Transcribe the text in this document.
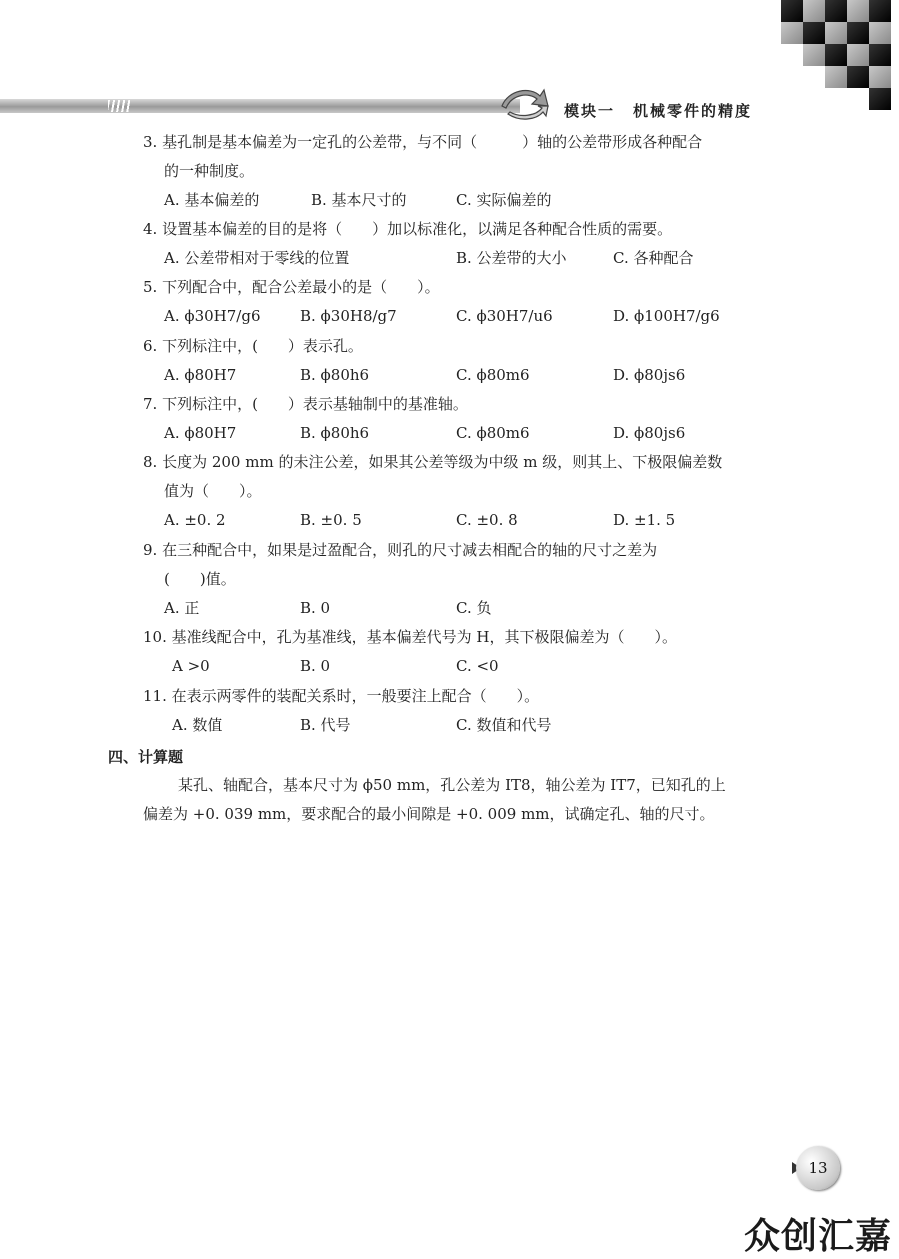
模块一 机械零件的精度
3. 基孔制是基本偏差为一定孔的公差带，与不同（　　　）轴的公差带形成各种配合
的一种制度。
A. 基本偏差的	B. 基本尺寸的	C. 实际偏差的
4. 设置基本偏差的目的是将（　　）加以标准化，以满足各种配合性质的需要。
A. 公差带相对于零线的位置	B. 公差带的大小	C. 各种配合
5. 下列配合中，配合公差最小的是（　　）。
A. ϕ30H7/g6	B. ϕ30H8/g7	C. ϕ30H7/u6	D. ϕ100H7/g6
6. 下列标注中，(　　）表示孔。
A. ϕ80H7	B. ϕ80h6	C. ϕ80m6	D. ϕ80js6
7. 下列标注中，(　　）表示基轴制中的基准轴。
A. ϕ80H7	B. ϕ80h6	C. ϕ80m6	D. ϕ80js6
8. 长度为 200 mm 的未注公差，如果其公差等级为中级 m 级，则其上、下极限偏差数
值为（　　）。
A. ±0. 2	B. ±0. 5	C. ±0. 8	D. ±1. 5
9. 在三种配合中，如果是过盈配合，则孔的尺寸减去相配合的轴的尺寸之差为
(　　)值。
A. 正	B. 0	C. 负
10. 基准线配合中，孔为基准线，基本偏差代号为 H，其下极限偏差为（　　）。
A >0	B. 0	C. <0
11. 在表示两零件的装配关系时，一般要注上配合（　　）。
A. 数值	B. 代号	C. 数值和代号
四、计算题
某孔、轴配合，基本尺寸为 ϕ50 mm，孔公差为 IT8，轴公差为 IT7，已知孔的上
偏差为 +0. 039 mm，要求配合的最小间隙是 +0. 009 mm，试确定孔、轴的尺寸。
13
众创汇嘉
